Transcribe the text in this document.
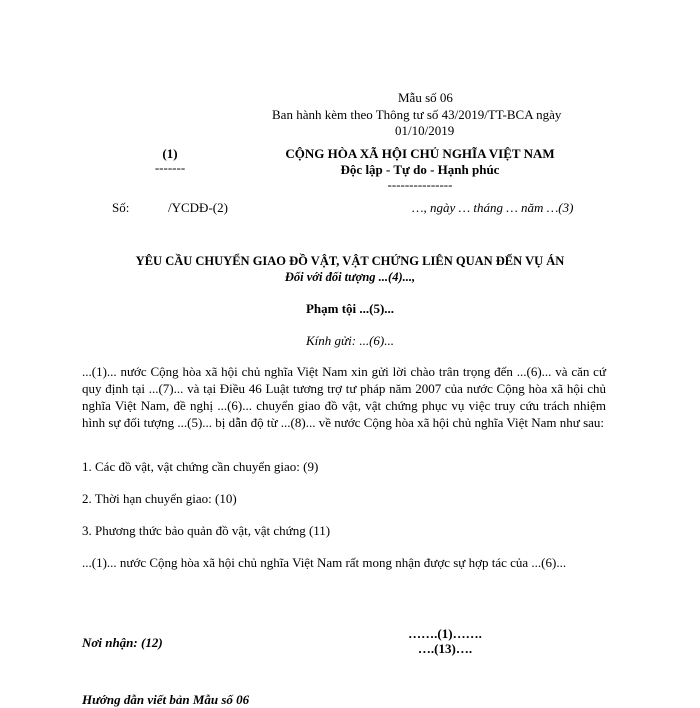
Mẫu số 06
Ban hành kèm theo Thông tư số 43/2019/TT-BCA ngày
01/10/2019
(1)
-------
CỘNG HÒA XÃ HỘI CHỦ NGHĨA VIỆT NAM
Độc lập - Tự do - Hạnh phúc
---------------
Số:	/YCDĐ-(2)	…, ngày … tháng … năm …(3)
YÊU CẦU CHUYỂN GIAO ĐỒ VẬT, VẬT CHỨNG LIÊN QUAN ĐẾN VỤ ÁN
Đối với đối tượng ...(4)...,
Phạm tội ...(5)...
Kính gửi: ...(6)...
...(1)... nước Cộng hòa xã hội chủ nghĩa Việt Nam xin gửi lời chào trân trọng đến ...(6)... và căn cứ quy định tại ...(7)... và tại Điều 46 Luật tương trợ tư pháp năm 2007 của nước Cộng hòa xã hội chủ nghĩa Việt Nam, đề nghị ...(6)... chuyển giao đồ vật, vật chứng phục vụ việc truy cứu trách nhiệm hình sự đối tượng ...(5)... bị dẫn độ từ ...(8)... về nước Cộng hòa xã hội chủ nghĩa Việt Nam như sau:
1. Các đồ vật, vật chứng cần chuyển giao: (9)
2. Thời hạn chuyển giao: (10)
3. Phương thức bảo quản đồ vật, vật chứng (11)
...(1)... nước Cộng hòa xã hội chủ nghĩa Việt Nam rất mong nhận được sự hợp tác của ...(6)...
Nơi nhận: (12)
…….(1)…….
….(13)….
Hướng dẫn viết bản Mẫu số 06
